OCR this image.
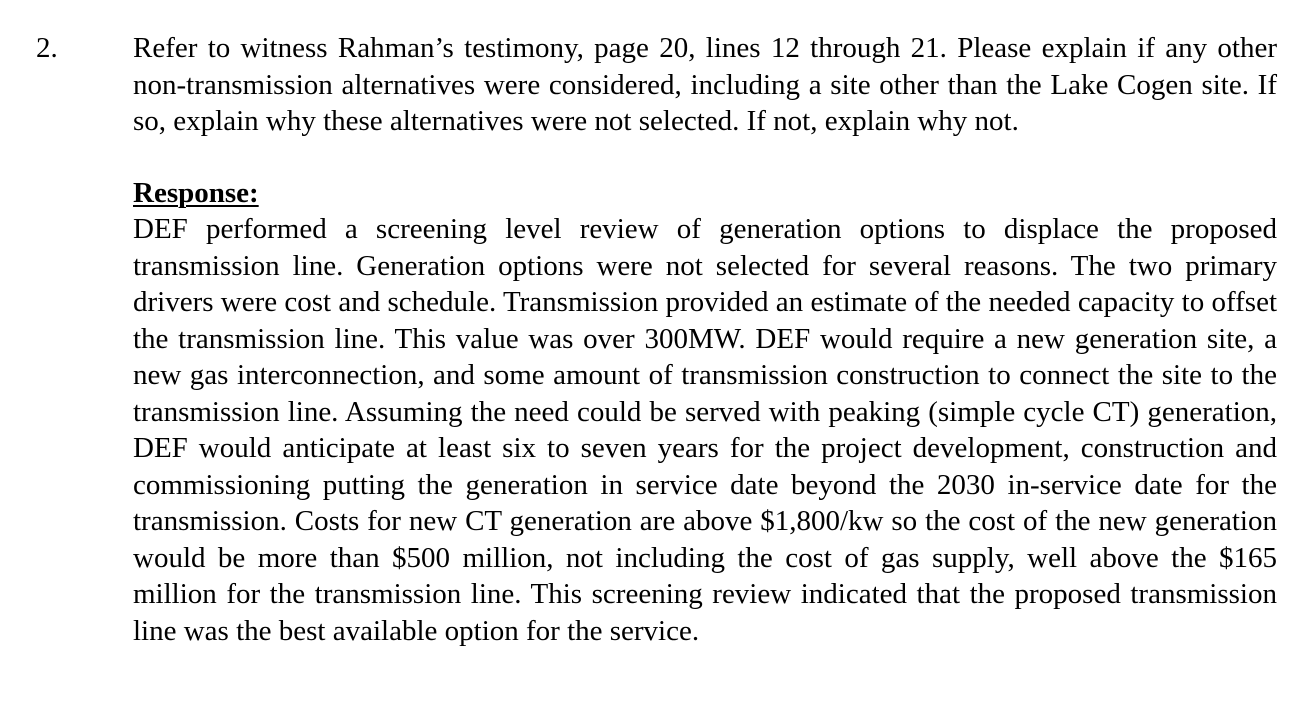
2.	Refer to witness Rahman’s testimony, page 20, lines 12 through 21. Please explain if any other non-transmission alternatives were considered, including a site other than the Lake Cogen site. If so, explain why these alternatives were not selected. If not, explain why not.

Response:

DEF performed a screening level review of generation options to displace the proposed transmission line. Generation options were not selected for several reasons. The two primary drivers were cost and schedule. Transmission provided an estimate of the needed capacity to offset the transmission line. This value was over 300MW. DEF would require a new generation site, a new gas interconnection, and some amount of transmission construction to connect the site to the transmission line. Assuming the need could be served with peaking (simple cycle CT) generation, DEF would anticipate at least six to seven years for the project development, construction and commissioning putting the generation in service date beyond the 2030 in-service date for the transmission. Costs for new CT generation are above $1,800/kw so the cost of the new generation would be more than $500 million, not including the cost of gas supply, well above the $165 million for the transmission line. This screening review indicated that the proposed transmission line was the best available option for the service.
